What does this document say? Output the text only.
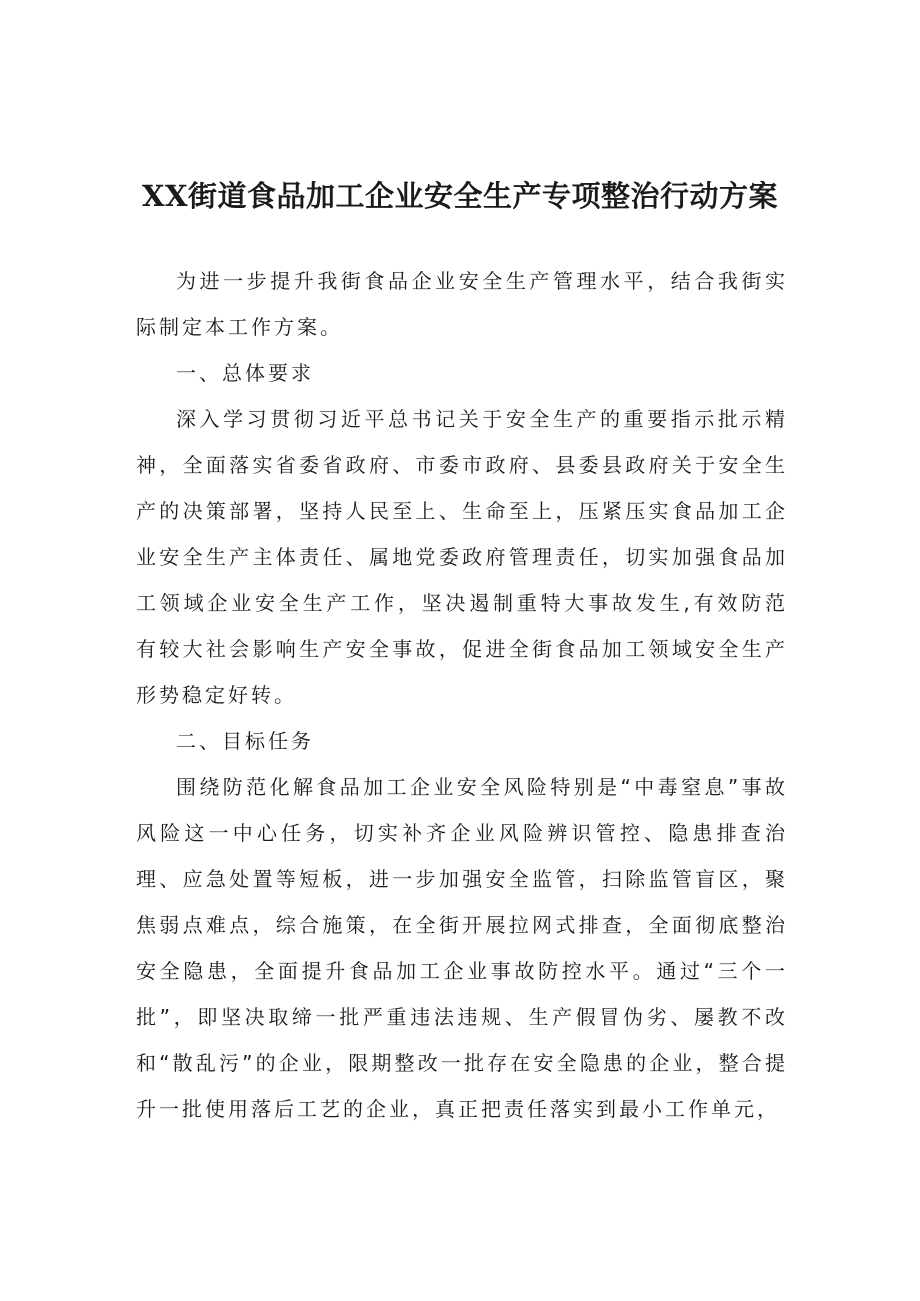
XX街道食品加工企业安全生产专项整治行动方案

为进一步提升我街食品企业安全生产管理水平，结合我街实际制定本工作方案。

一、总体要求

深入学习贯彻习近平总书记关于安全生产的重要指示批示精神，全面落实省委省政府、市委市政府、县委县政府关于安全生产的决策部署，坚持人民至上、生命至上，压紧压实食品加工企业安全生产主体责任、属地党委政府管理责任，切实加强食品加工领域企业安全生产工作，坚决遏制重特大事故发生,有效防范有较大社会影响生产安全事故，促进全街食品加工领域安全生产形势稳定好转。

二、目标任务

围绕防范化解食品加工企业安全风险特别是“中毒窒息”事故风险这一中心任务，切实补齐企业风险辨识管控、隐患排查治理、应急处置等短板，进一步加强安全监管，扫除监管盲区，聚焦弱点难点，综合施策，在全街开展拉网式排查，全面彻底整治安全隐患，全面提升食品加工企业事故防控水平。通过“三个一批”，即坚决取缔一批严重违法违规、生产假冒伪劣、屡教不改和“散乱污”的企业，限期整改一批存在安全隐患的企业，整合提升一批使用落后工艺的企业，真正把责任落实到最小工作单元，
